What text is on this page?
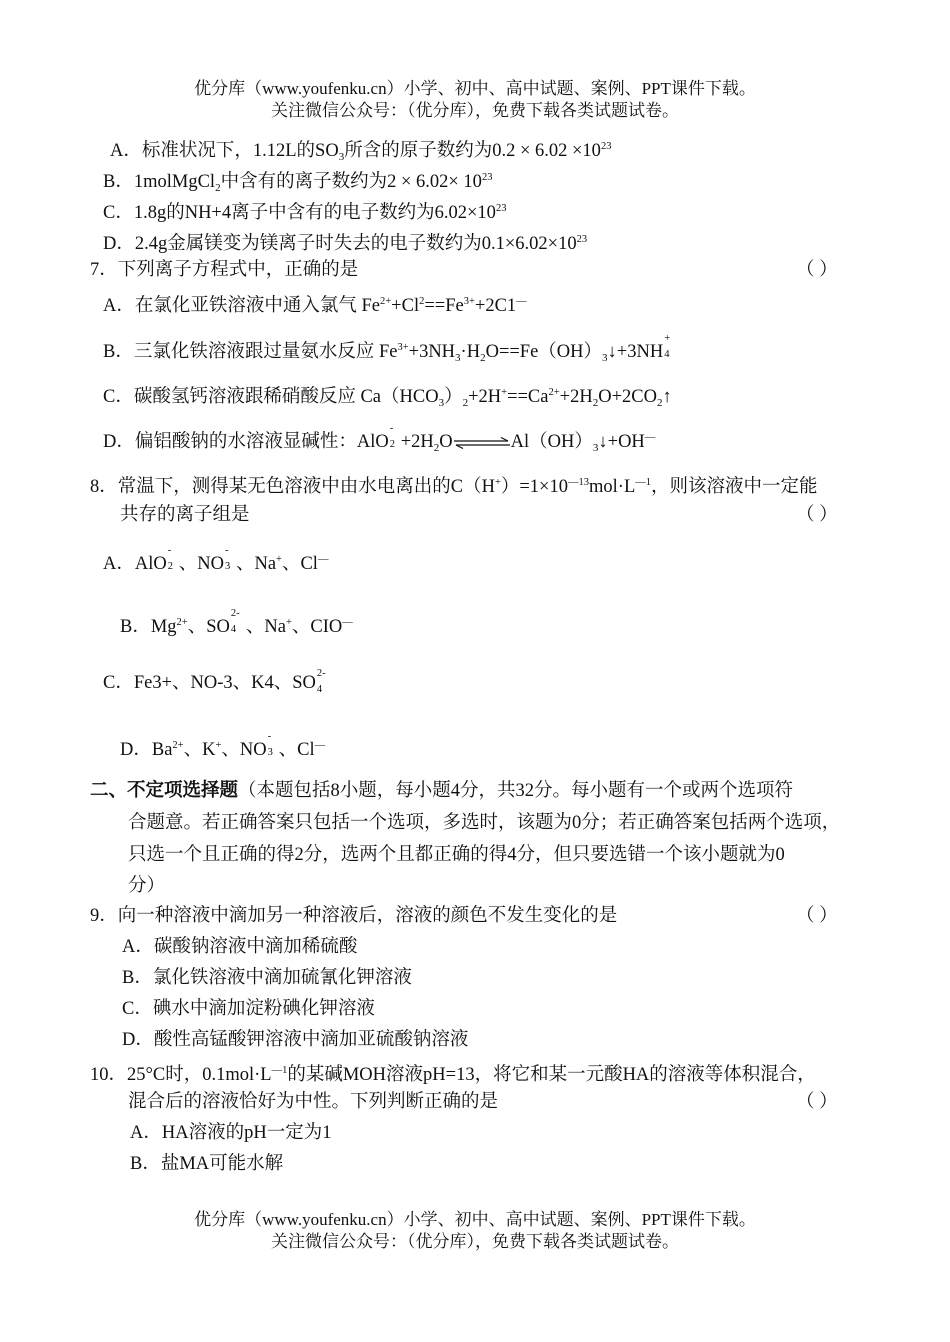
优分库（www.youfenku.cn）小学、初中、高中试题、案例、PPT课件下载。
关注微信公众号：（优分库），免费下载各类试题试卷。
A．标准状况下，1.12L的$SO_3$所含的原子数约为$0.2 \times 6.02 \times 10^{23}$
B．1molMgCl$_2$中含有的离子数约为$2 \times 6.02\times 10^{23}$
C．1.8g的NH+4离子中含有的电子数约为$6.02\times 10^{23}$
D．2.4g金属镁变为镁离子时失去的电子数约为$0.1\times 6.02\times 10^{23}$
7．下列离子方程式中，正确的是	（ ）
A．在氯化亚铁溶液中通入氯气 $Fe^{2+}+Cl^2==Fe^{3+}+2C1^—$
B．三氯化铁溶液跟过量氨水反应 $Fe^{3+}+3NH_3\cdot H_2O==Fe(OH)_3↓+3NH$
+
4
C．碳酸氢钙溶液跟稀硝酸反应 $Ca(HCO_3)_2+2H^+==Ca^{2+}+2H_2O+2CO_2↑$
D．偏铝酸钠的水溶液显碱性：AlO
-
$2 +2H_2O\rightleftharpoons Al(OH)_3↓+OH^—$
8．常温下，测得某无色溶液中由水电离出的$C(H^+)=1\times 10^{—13}mol\cdot L^{—1}$，则该溶液中一定能
共存的离子组是	（ ）
A．AlO
-
2 、NO
-
3 、Na+、Cl—
B．$Mg^{2+}$、SO
2-
4 、Na+、CIO—
C．Fe3+、NO-3、K4、SO 2-
4
D．$Ba^{2+}$、K+、NO
-
3 、Cl—
二、不定项选择题（本题包括8小题，每小题4分，共32分。每小题有一个或两个选项符
合题意。若正确答案只包括一个选项，多选时，该题为0分；若正确答案包括两个选项，
只选一个且正确的得2分，选两个且都正确的得4分，但只要选错一个该小题就为0
分）
9．向一种溶液中滴加另一种溶液后，溶液的颜色不发生变化的是	（ ）
A．碳酸钠溶液中滴加稀硫酸
B．氯化铁溶液中滴加硫氰化钾溶液
C．碘水中滴加淀粉碘化钾溶液
D．酸性高锰酸钾溶液中滴加亚硫酸钠溶液
10．25°C时，$0.1mol\cdot L^{—1}$的某碱MOH溶液pH=13，将它和某一元酸HA的溶液等体积混合，
混合后的溶液恰好为中性。下列判断正确的是	（ ）
A．HA溶液的pH一定为1
B．盐MA可能水解
优分库（www.youfenku.cn）小学、初中、高中试题、案例、PPT课件下载。
关注微信公众号：（优分库），免费下载各类试题试卷。
